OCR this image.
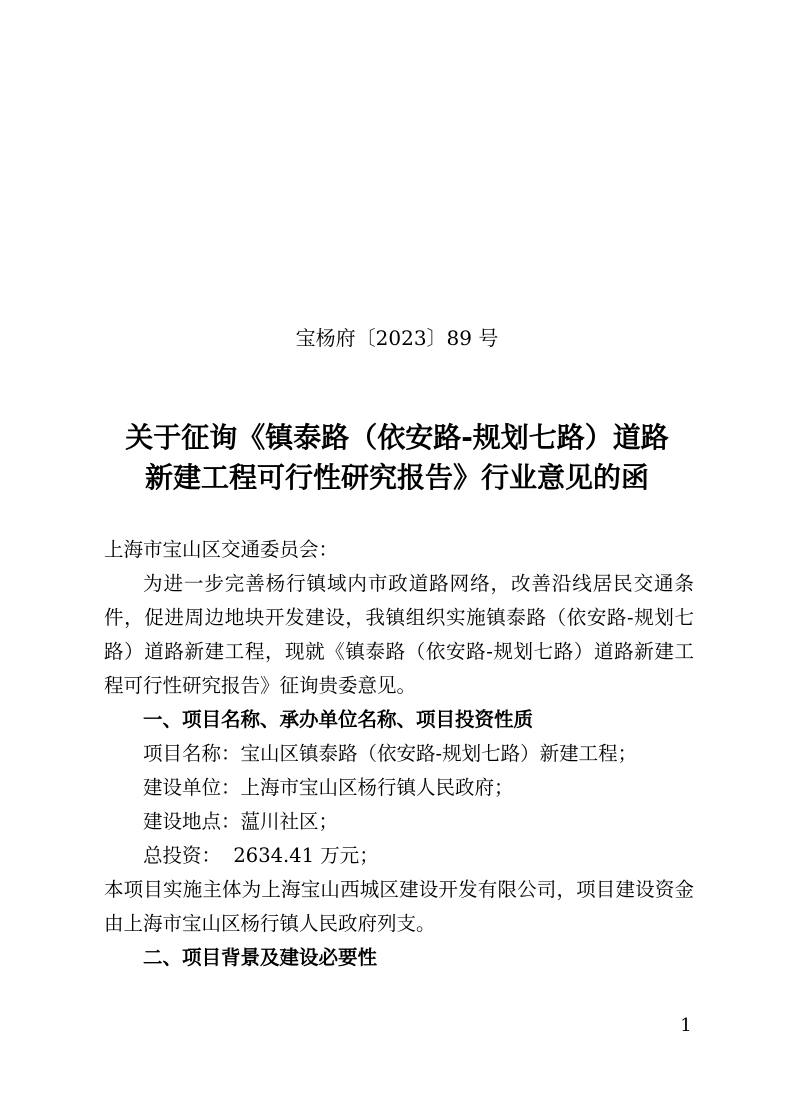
宝杨府〔2023〕89 号
关于征询《镇泰路（依安路-规划七路）道路
新建工程可行性研究报告》行业意见的函

上海市宝山区交通委员会：

为进一步完善杨行镇域内市政道路网络，改善沿线居民交通条件，促进周边地块开发建设，我镇组织实施镇泰路（依安路-规划七路）道路新建工程，现就《镇泰路（依安路-规划七路）道路新建工程可行性研究报告》征询贵委意见。

一、项目名称、承办单位名称、项目投资性质

项目名称：宝山区镇泰路（依安路-规划七路）新建工程；

建设单位：上海市宝山区杨行镇人民政府；

建设地点：蕰川社区；

总投资：  2634.41 万元；

本项目实施主体为上海宝山西城区建设开发有限公司，项目建设资金由上海市宝山区杨行镇人民政府列支。

二、项目背景及建设必要性

1
